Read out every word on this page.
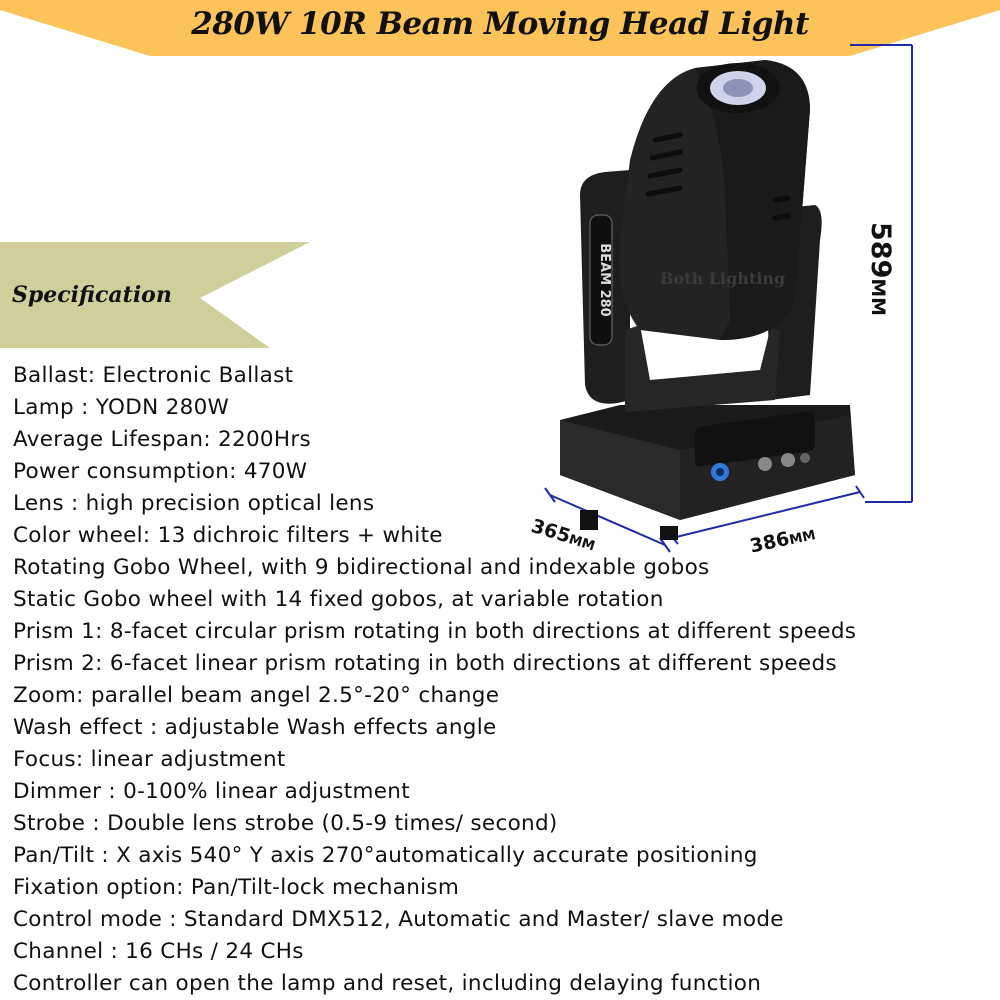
280W 10R Beam Moving Head Light
Specification	BEAM 280	Both Lighting
589MM
365MM	386MM
Ballast: Electronic Ballast
Lamp : YODN 280W
Average Lifespan: 2200Hrs
Power consumption: 470W
Lens : high precision optical lens
Color wheel: 13 dichroic filters + white
Rotating Gobo Wheel, with 9 bidirectional and indexable gobos
Static Gobo wheel with 14 fixed gobos, at variable rotation
Prism 1: 8-facet circular prism rotating in both directions at different speeds
Prism 2: 6-facet linear prism rotating in both directions at different speeds
Zoom: parallel beam angel 2.5°-20° change
Wash effect : adjustable Wash effects angle
Focus: linear adjustment
Dimmer : 0-100% linear adjustment
Strobe : Double lens strobe (0.5-9 times/ second)
Pan/Tilt : X axis 540° Y axis 270°automatically accurate positioning
Fixation option: Pan/Tilt-lock mechanism
Control mode : Standard DMX512, Automatic and Master/ slave mode
Channel : 16 CHs / 24 CHs
Controller can open the lamp and reset, including delaying function
